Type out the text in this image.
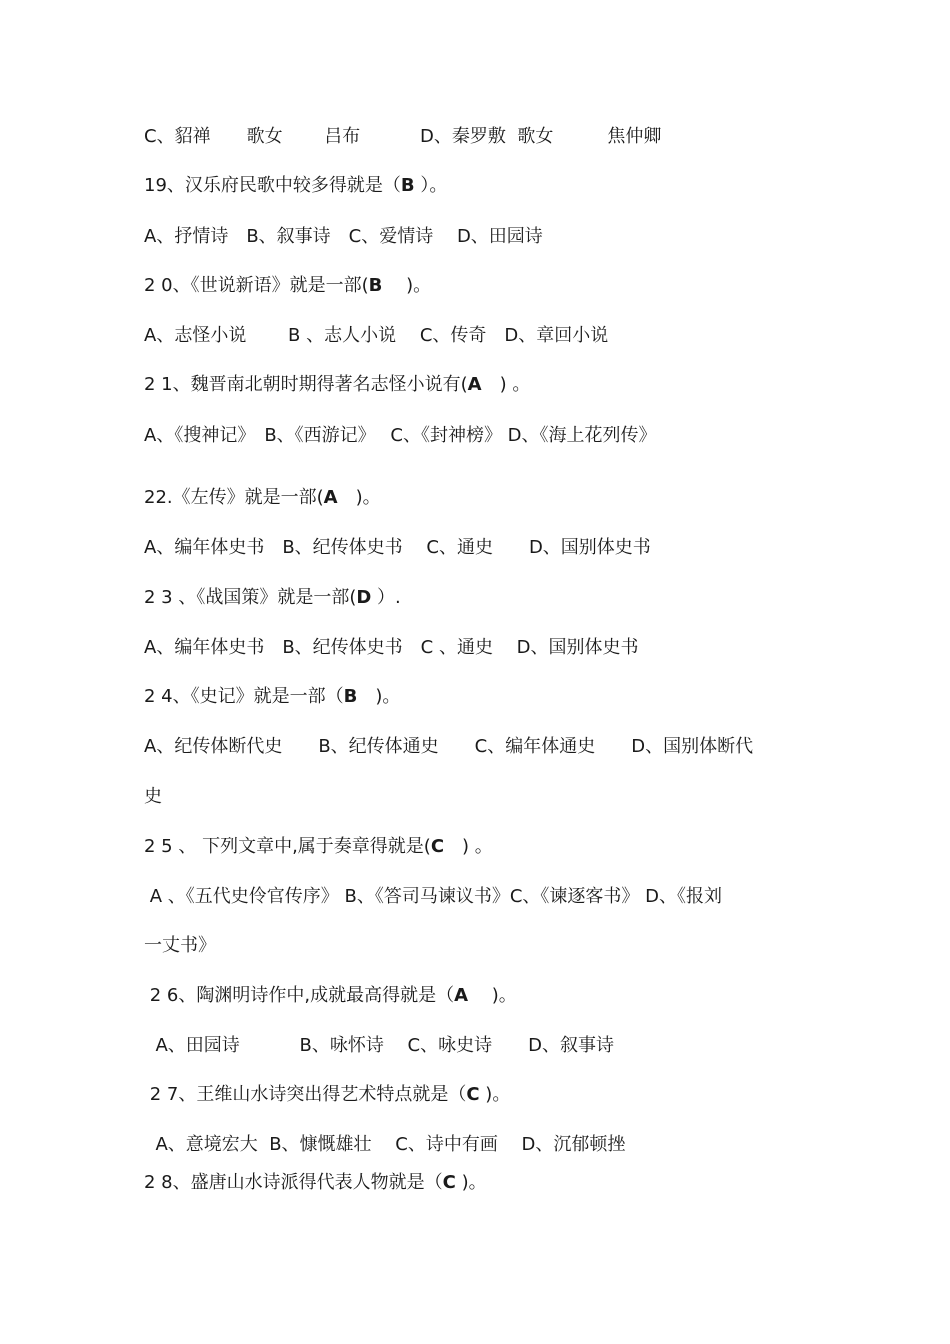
C、貂禅　　歌女　　 吕布　　　 D、秦罗敷  歌女　　　焦仲卿
19、汉乐府民歌中较多得就是（B ）。
A、抒情诗　B、叙事诗　C、爱情诗　 D、田园诗
2 0、《世说新语》就是一部(B　 )。
A、志怪小说　　 B 、志人小说　 C、传奇　D、章回小说
2 1、魏晋南北朝时期得著名志怪小说有(A　) 。
A、《搜神记》　B、《西游记》　 C、《封神榜》 D、《海上花列传》
22.《左传》就是一部(A　)。
A、编年体史书　B、纪传体史书　 C、通史　　D、国别体史书
2 3 、《战国策》就是一部(D ）.
A、编年体史书　B、纪传体史书　C 、通史　 D、国别体史书
2 4、《史记》就是一部（B　)。
A、纪传体断代史　　B、纪传体通史　　C、编年体通史　　D、国别体断代
史
2 5 、 下列文章中,属于奏章得就是(C　) 。
A 、《五代史伶官传序》 B、《答司马谏议书》C、《谏逐客书》 D、《报刘
一丈书》
2 6、陶渊明诗作中,成就最高得就是（A　 )。
A、田园诗　　　 B、咏怀诗　 C、咏史诗　　D、叙事诗
2 7、王维山水诗突出得艺术特点就是（C )。
A、意境宏大  B、慷慨雄壮　 C、诗中有画　 D、沉郁顿挫
2 8、盛唐山水诗派得代表人物就是（C )。
